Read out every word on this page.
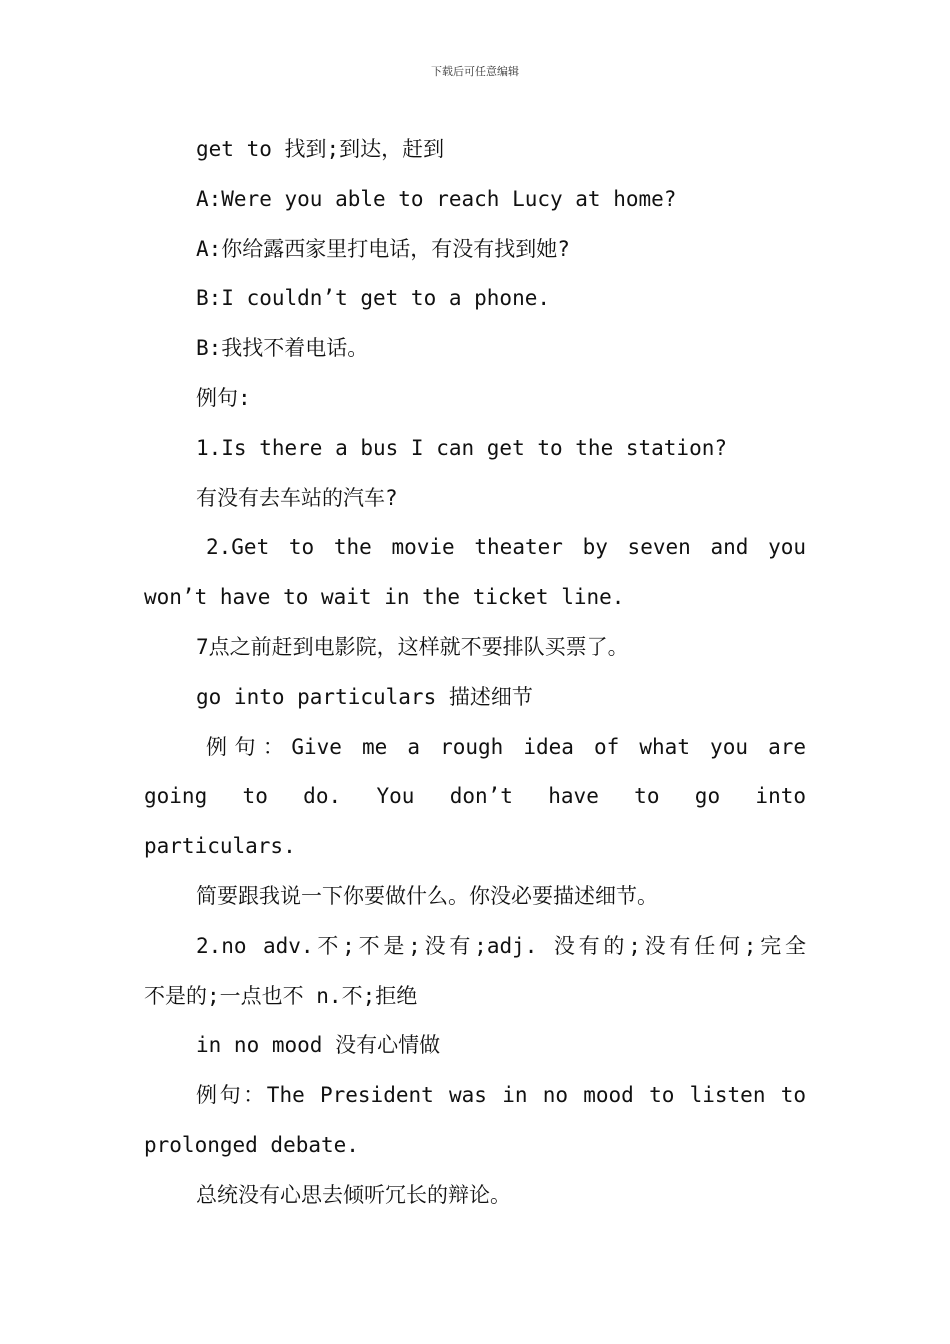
下载后可任意编辑

get to 找到;到达，赶到

A:Were you able to reach Lucy at home?

A:你给露西家里打电话，有没有找到她?

B:I couldn’t get to a phone.

B:我找不着电话。

例句:

1.Is there a bus I can get to the station?

有没有去车站的汽车?

2.Get to the movie theater by seven and you
won’t have to wait in the ticket line.

7点之前赶到电影院，这样就不要排队买票了。

go into particulars 描述细节

例句：Give me a rough idea of what you are
going to do. You don’t have to go into
particulars.

简要跟我说一下你要做什么。你没必要描述细节。

2.no adv.不;不是;没有;adj. 没有的;没有任何;完全
不是的;一点也不 n.不;拒绝

in no mood 没有心情做

例句：The President was in no mood to listen to
prolonged debate.

总统没有心思去倾听冗长的辩论。
